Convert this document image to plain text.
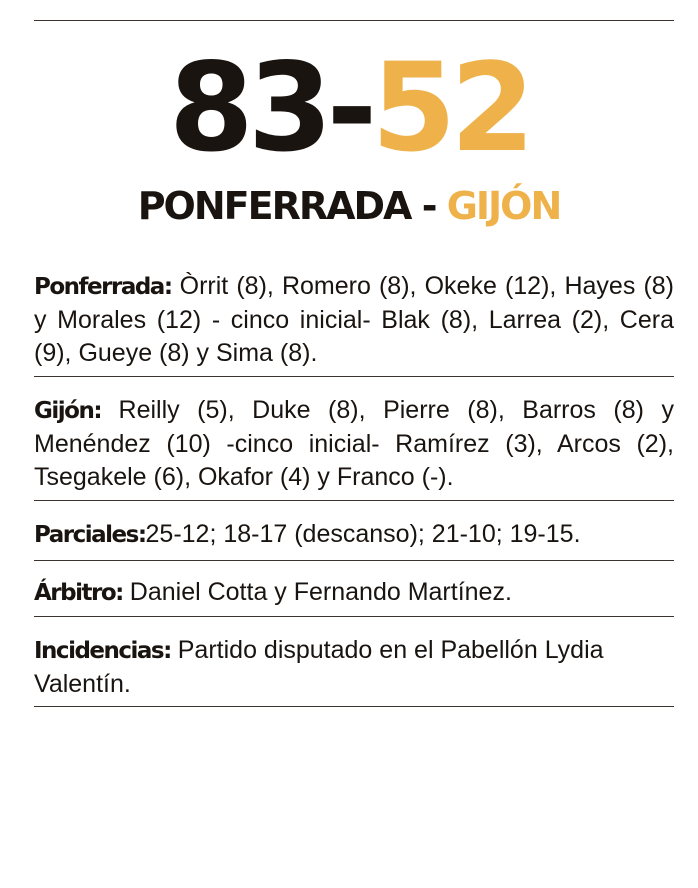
83-52
PONFERRADA - GIJÓN
Ponferrada: Òrrit (8), Romero (8), Okeke (12), Hayes (8) y Morales (12) - cinco inicial- Blak (8), Larrea (2), Cera (9), Gueye (8) y Sima (8).
Gijón: Reilly (5), Duke (8), Pierre (8), Barros (8) y Menéndez (10) -cinco inicial- Ramírez (3), Arcos (2), Tsegakele (6), Okafor (4) y Franco (-).
Parciales:25-12; 18-17 (descanso); 21-10; 19-15.
Árbitro: Daniel Cotta y Fernando Martínez.
Incidencias: Partido disputado en el Pabellón Lydia Valentín.
